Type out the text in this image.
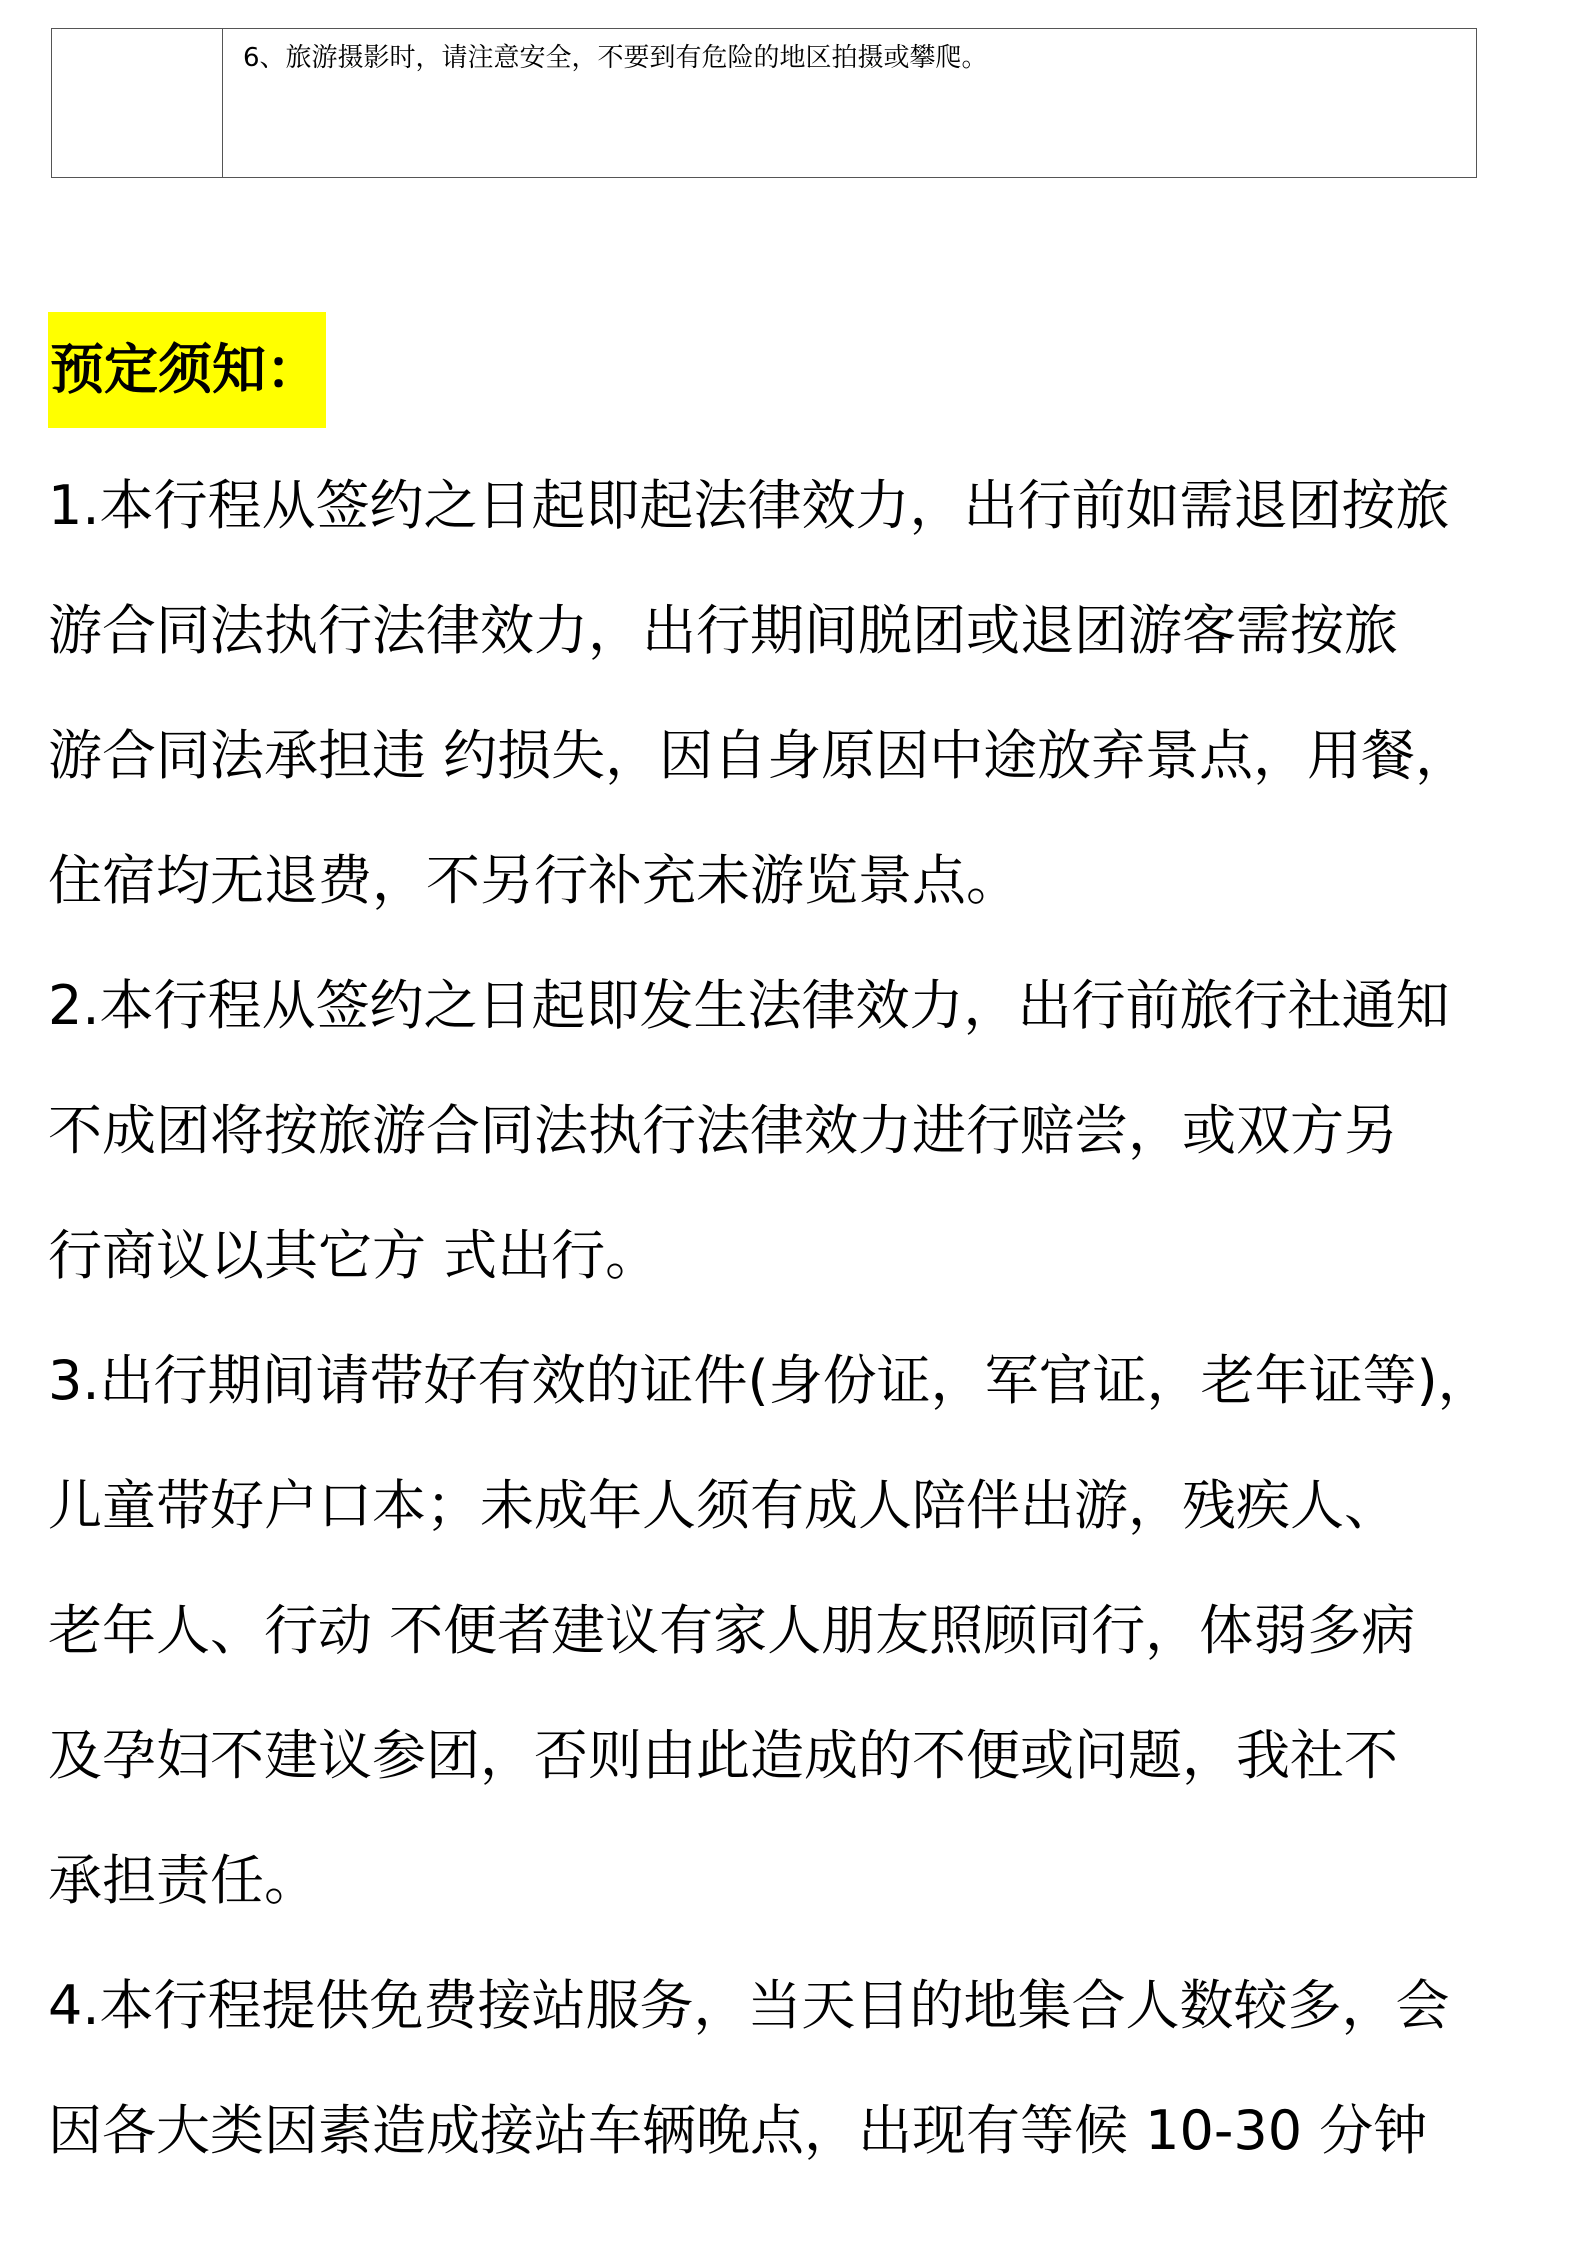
6、旅游摄影时，请注意安全，不要到有危险的地区拍摄或攀爬。
预定须知：
1.本行程从签约之日起即起法律效力，出行前如需退团按旅
游合同法执行法律效力，出行期间脱团或退团游客需按旅
游合同法承担违 约损失，因自身原因中途放弃景点，用餐，
住宿均无退费，不另行补充未游览景点。
2.本行程从签约之日起即发生法律效力，出行前旅行社通知
不成团将按旅游合同法执行法律效力进行赔尝，或双方另
行商议以其它方 式出行。
3.出行期间请带好有效的证件(身份证，军官证，老年证等)，
儿童带好户口本；未成年人须有成人陪伴出游，残疾人、
老年人、行动 不便者建议有家人朋友照顾同行，体弱多病
及孕妇不建议参团，否则由此造成的不便或问题，我社不
承担责任。
4.本行程提供免费接站服务，当天目的地集合人数较多，会
因各大类因素造成接站车辆晚点，出现有等候 10-30 分钟
